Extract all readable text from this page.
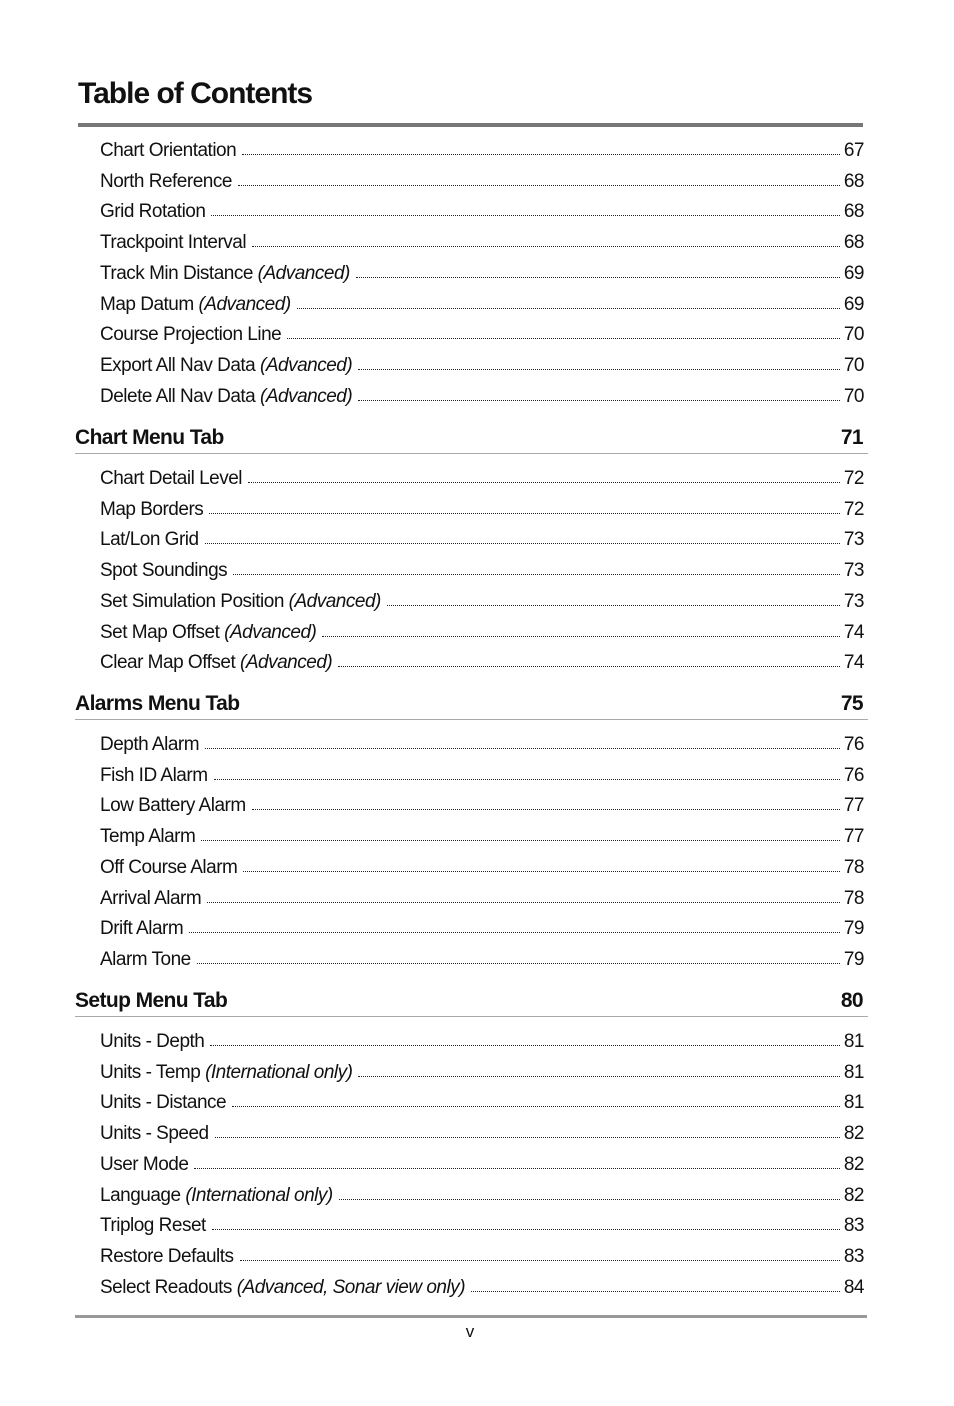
Table of Contents
Chart Orientation	67
North Reference	68
Grid Rotation	68
Trackpoint Interval	68
Track Min Distance (Advanced)	69
Map Datum (Advanced)	69
Course Projection Line	70
Export All Nav Data (Advanced)	70
Delete All Nav Data (Advanced)	70
Chart Menu Tab	71
Chart Detail Level	72
Map Borders	72
Lat/Lon Grid	73
Spot Soundings	73
Set Simulation Position (Advanced)	73
Set Map Offset (Advanced)	74
Clear Map Offset (Advanced)	74
Alarms Menu Tab	75
Depth Alarm	76
Fish ID Alarm	76
Low Battery Alarm	77
Temp Alarm	77
Off Course Alarm	78
Arrival Alarm	78
Drift Alarm	79
Alarm Tone	79
Setup Menu Tab	80
Units - Depth	81
Units - Temp (International only)	81
Units - Distance	81
Units - Speed	82
User Mode	82
Language (International only)	82
Triplog Reset	83
Restore Defaults	83
Select Readouts (Advanced, Sonar view only)	84
v
